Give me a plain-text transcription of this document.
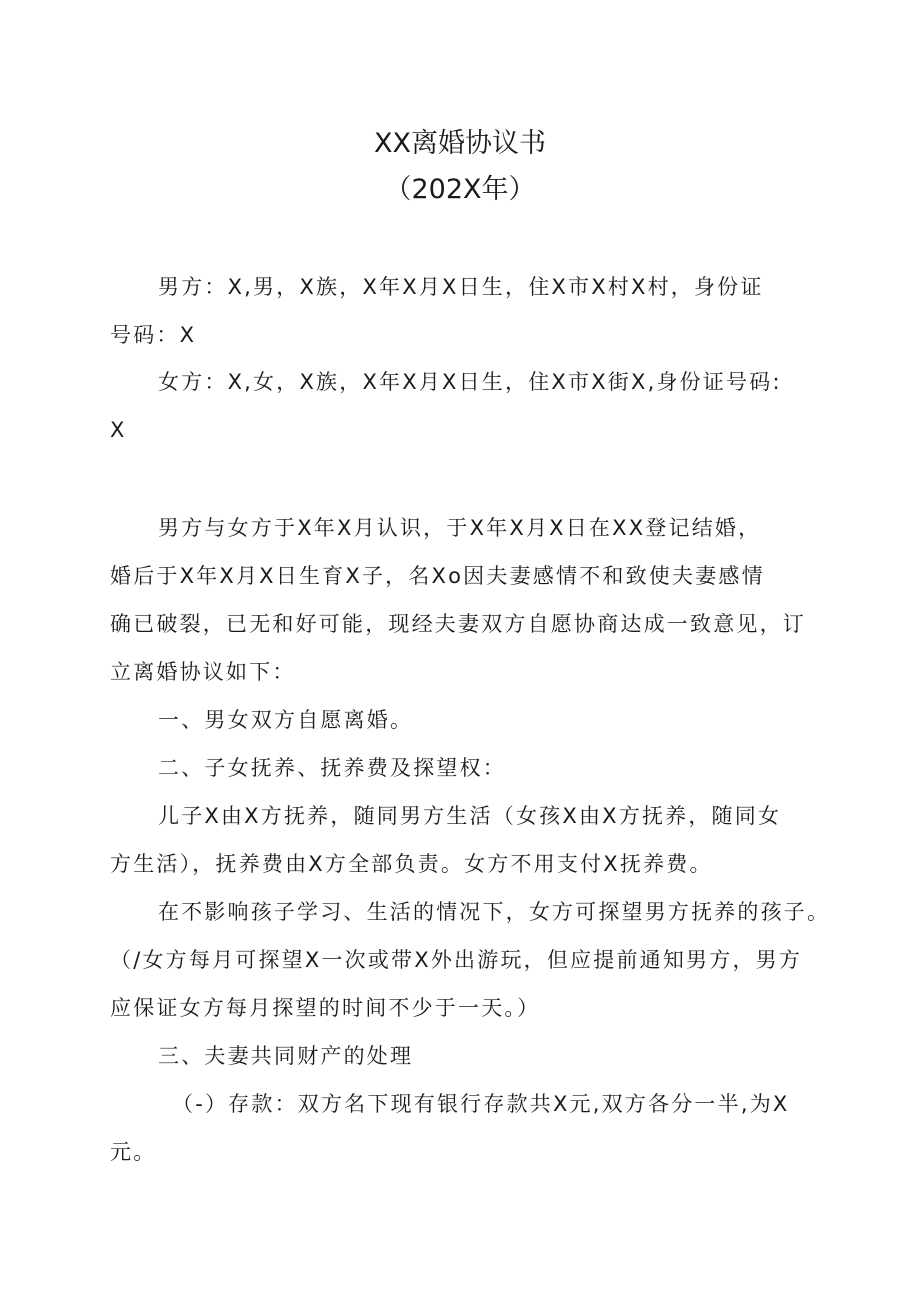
XX离婚协议书
（202X年）
男方：X,男，X族，X年X月X日生，住X市X村X村，身份证
号码：X
女方：X,女，X族，X年X月X日生，住X市X街X,身份证号码:
X
男方与女方于X年X月认识，于X年X月X日在XX登记结婚，
婚后于X年X月X日生育X子，名Xo因夫妻感情不和致使夫妻感情
确已破裂，已无和好可能，现经夫妻双方自愿协商达成一致意见，订
立离婚协议如下：
一、男女双方自愿离婚。
二、子女抚养、抚养费及探望权：
儿子X由X方抚养，随同男方生活（女孩X由X方抚养，随同女
方生活），抚养费由X方全部负责。女方不用支付X抚养费。
在不影响孩子学习、生活的情况下，女方可探望男方抚养的孩子。
（/女方每月可探望X一次或带X外出游玩，但应提前通知男方，男方
应保证女方每月探望的时间不少于一天。）
三、夫妻共同财产的处理
（-）存款：双方名下现有银行存款共X元,双方各分一半,为X
元。
